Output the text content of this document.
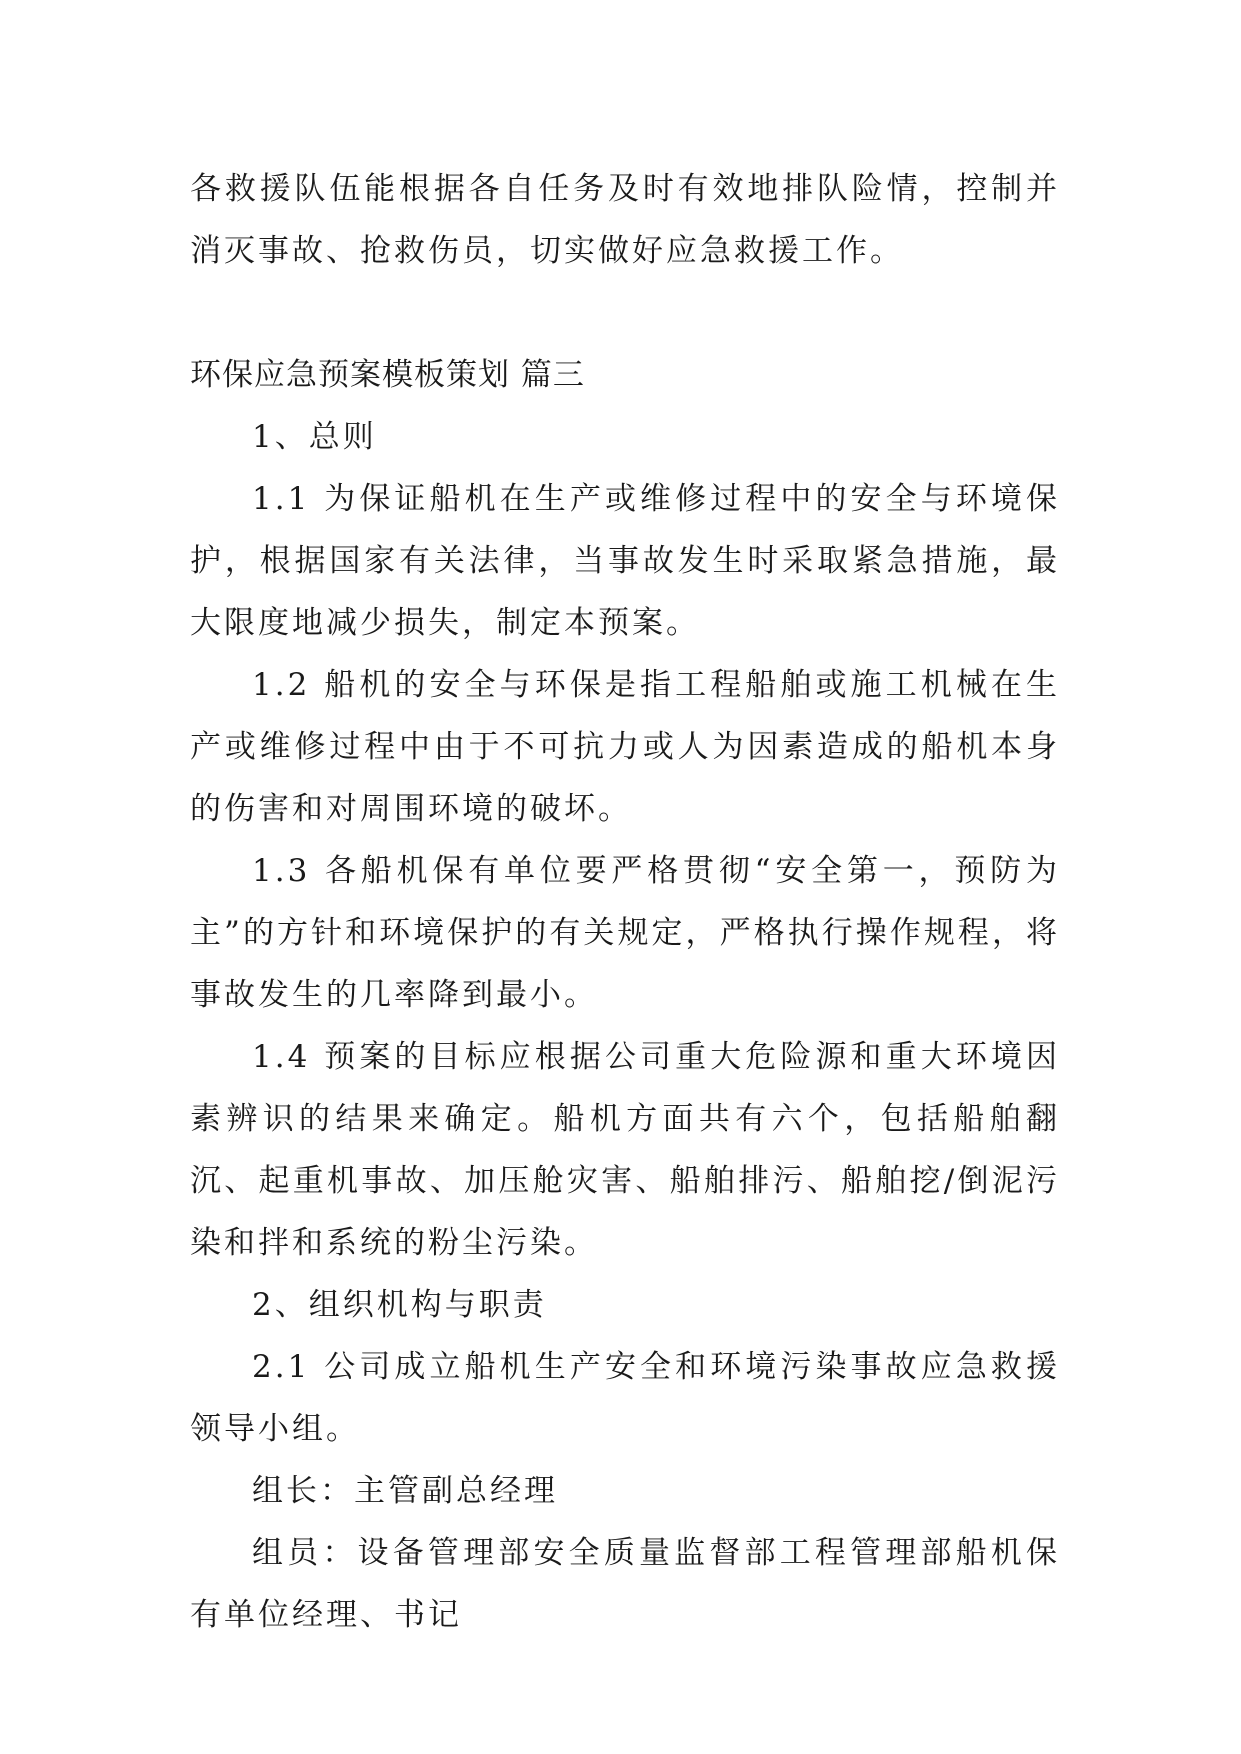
各救援队伍能根据各自任务及时有效地排队险情，控制并消灭事故、抢救伤员，切实做好应急救援工作。

环保应急预案模板策划 篇三

1、总则

1.1 为保证船机在生产或维修过程中的安全与环境保护，根据国家有关法律，当事故发生时采取紧急措施，最大限度地减少损失，制定本预案。

1.2 船机的安全与环保是指工程船舶或施工机械在生产或维修过程中由于不可抗力或人为因素造成的船机本身的伤害和对周围环境的破坏。

1.3 各船机保有单位要严格贯彻“安全第一，预防为主”的方针和环境保护的有关规定，严格执行操作规程，将事故发生的几率降到最小。

1.4 预案的目标应根据公司重大危险源和重大环境因素辨识的结果来确定。船机方面共有六个，包括船舶翻沉、起重机事故、加压舱灾害、船舶排污、船舶挖/倒泥污染和拌和系统的粉尘污染。

2、组织机构与职责

2.1 公司成立船机生产安全和环境污染事故应急救援领导小组。

组长：主管副总经理

组员：设备管理部安全质量监督部工程管理部船机保有单位经理、书记
